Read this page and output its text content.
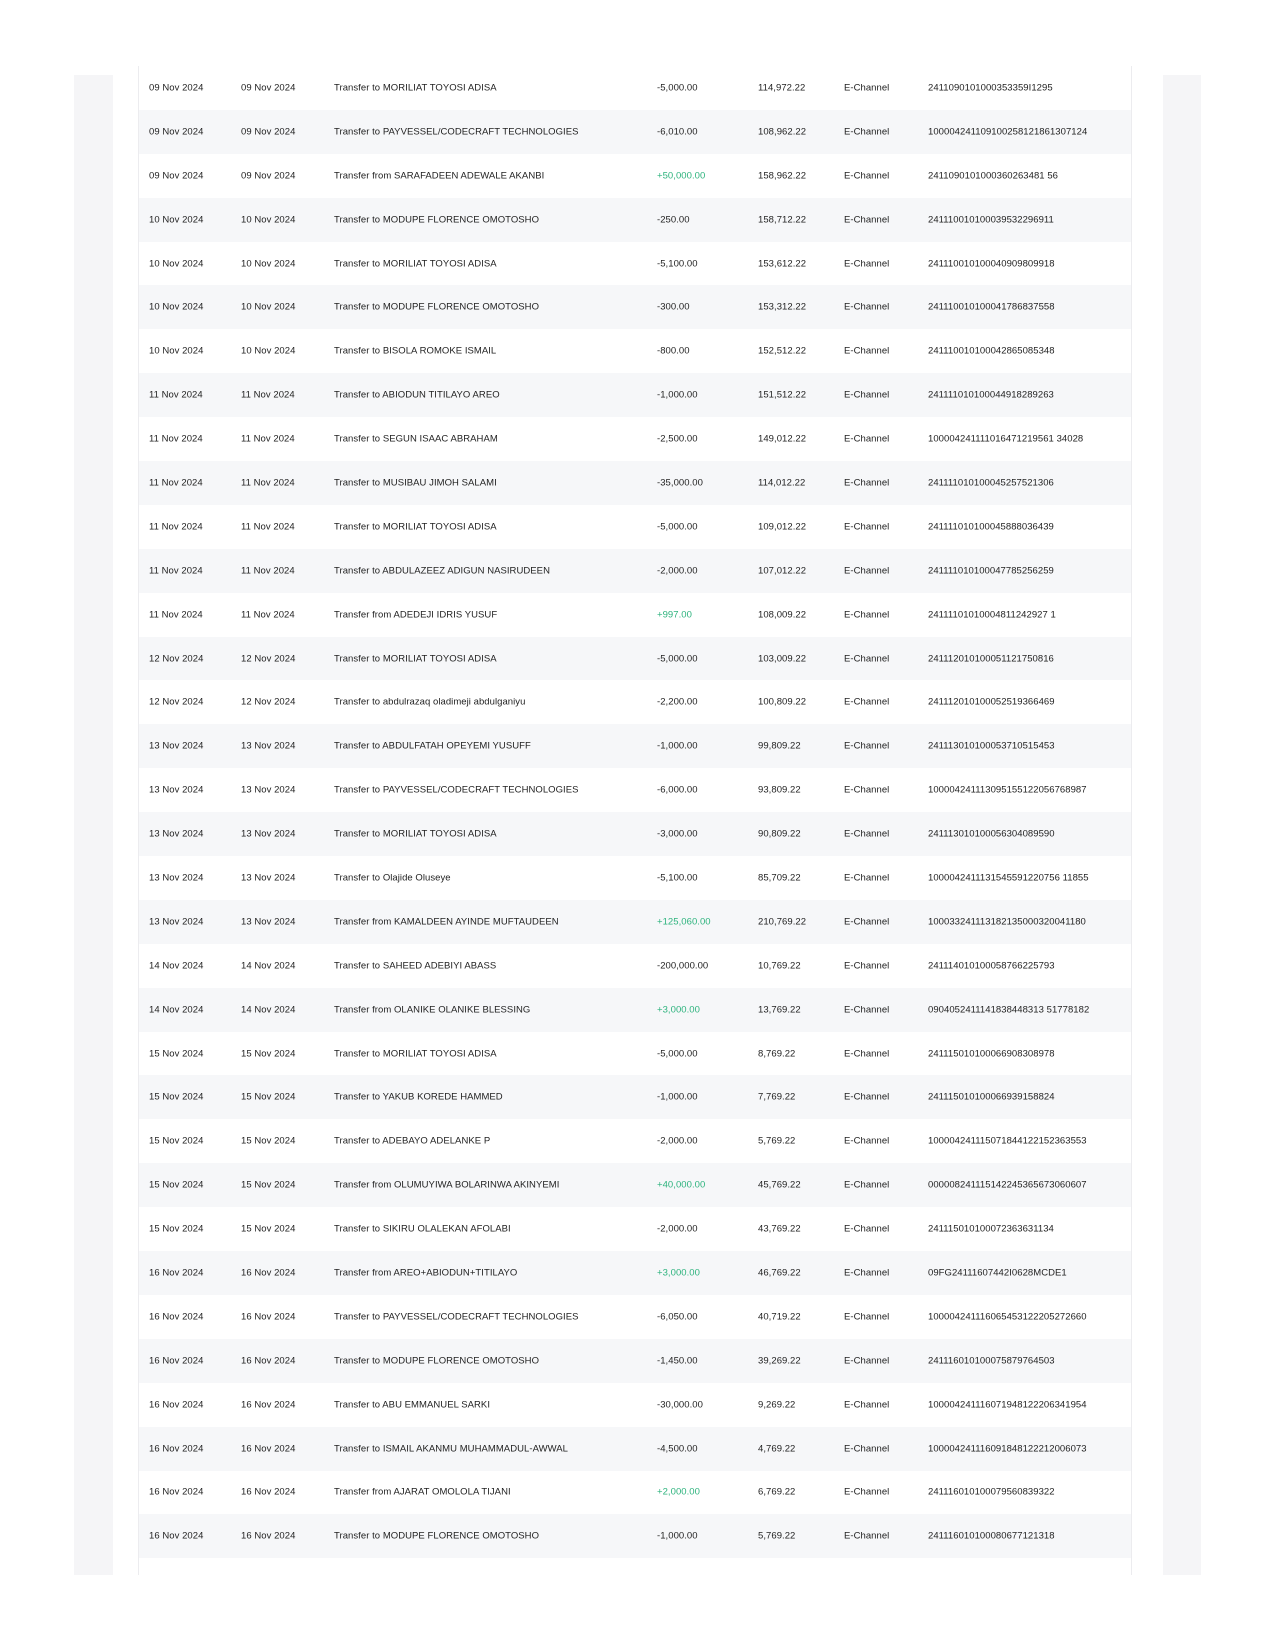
09 Nov 2024	09 Nov 2024	Transfer to MORILIAT TOYOSI ADISA	-5,000.00	114,972.22	E-Channel	2411090101000353359I1295
09 Nov 2024	09 Nov 2024	Transfer to PAYVESSEL/CODECRAFT TECHNOLOGIES	-6,010.00	108,962.22	E-Channel	100004241109100258121861307124
09 Nov 2024	09 Nov 2024	Transfer from SARAFADEEN ADEWALE AKANBI	+50,000.00	158,962.22	E-Channel	2411090101000360263481 56
10 Nov 2024	10 Nov 2024	Transfer to MODUPE FLORENCE OMOTOSHO	-250.00	158,712.22	E-Channel	241110010100039532296911
10 Nov 2024	10 Nov 2024	Transfer to MORILIAT TOYOSI ADISA	-5,100.00	153,612.22	E-Channel	241110010100040909809918
10 Nov 2024	10 Nov 2024	Transfer to MODUPE FLORENCE OMOTOSHO	-300.00	153,312.22	E-Channel	241110010100041786837558
10 Nov 2024	10 Nov 2024	Transfer to BISOLA ROMOKE ISMAIL	-800.00	152,512.22	E-Channel	241110010100042865085348
11 Nov 2024	11 Nov 2024	Transfer to ABIODUN TITILAYO AREO	-1,000.00	151,512.22	E-Channel	241111010100044918289263
11 Nov 2024	11 Nov 2024	Transfer to SEGUN ISAAC ABRAHAM	-2,500.00	149,012.22	E-Channel	100004241111016471219561 34028
11 Nov 2024	11 Nov 2024	Transfer to MUSIBAU JIMOH SALAMI	-35,000.00	114,012.22	E-Channel	241111010100045257521306
11 Nov 2024	11 Nov 2024	Transfer to MORILIAT TOYOSI ADISA	-5,000.00	109,012.22	E-Channel	241111010100045888036439
11 Nov 2024	11 Nov 2024	Transfer to ABDULAZEEZ ADIGUN NASIRUDEEN	-2,000.00	107,012.22	E-Channel	241111010100047785256259
11 Nov 2024	11 Nov 2024	Transfer from ADEDEJI IDRIS YUSUF	+997.00	108,009.22	E-Channel	24111101010004811242927 1
12 Nov 2024	12 Nov 2024	Transfer to MORILIAT TOYOSI ADISA	-5,000.00	103,009.22	E-Channel	241112010100051121750816
12 Nov 2024	12 Nov 2024	Transfer to abdulrazaq oladimeji abdulganiyu	-2,200.00	100,809.22	E-Channel	241112010100052519366469
13 Nov 2024	13 Nov 2024	Transfer to ABDULFATAH OPEYEMI YUSUFF	-1,000.00	99,809.22	E-Channel	241113010100053710515453
13 Nov 2024	13 Nov 2024	Transfer to PAYVESSEL/CODECRAFT TECHNOLOGIES	-6,000.00	93,809.22	E-Channel	100004241113095155122056768987
13 Nov 2024	13 Nov 2024	Transfer to MORILIAT TOYOSI ADISA	-3,000.00	90,809.22	E-Channel	241113010100056304089590
13 Nov 2024	13 Nov 2024	Transfer to Olajide Oluseye	-5,100.00	85,709.22	E-Channel	1000042411131545591220756 11855
13 Nov 2024	13 Nov 2024	Transfer from KAMALDEEN AYINDE MUFTAUDEEN	+125,060.00	210,769.22	E-Channel	100033241113182135000320041180
14 Nov 2024	14 Nov 2024	Transfer to SAHEED ADEBIYI ABASS	-200,000.00	10,769.22	E-Channel	241114010100058766225793
14 Nov 2024	14 Nov 2024	Transfer from OLANIKE OLANIKE BLESSING	+3,000.00	13,769.22	E-Channel	0904052411141838448313 51778182
15 Nov 2024	15 Nov 2024	Transfer to MORILIAT TOYOSI ADISA	-5,000.00	8,769.22	E-Channel	241115010100066908308978
15 Nov 2024	15 Nov 2024	Transfer to YAKUB KOREDE HAMMED	-1,000.00	7,769.22	E-Channel	241115010100066939158824
15 Nov 2024	15 Nov 2024	Transfer to ADEBAYO ADELANKE P	-2,000.00	5,769.22	E-Channel	100004241115071844122152363553
15 Nov 2024	15 Nov 2024	Transfer from OLUMUYIWA BOLARINWA AKINYEMI	+40,000.00	45,769.22	E-Channel	000008241115142245365673060607
15 Nov 2024	15 Nov 2024	Transfer to SIKIRU OLALEKAN AFOLABI	-2,000.00	43,769.22	E-Channel	241115010100072363631134
16 Nov 2024	16 Nov 2024	Transfer from AREO+ABIODUN+TITILAYO	+3,000.00	46,769.22	E-Channel	09FG24111607442I0628MCDE1
16 Nov 2024	16 Nov 2024	Transfer to PAYVESSEL/CODECRAFT TECHNOLOGIES	-6,050.00	40,719.22	E-Channel	100004241116065453122205272660
16 Nov 2024	16 Nov 2024	Transfer to MODUPE FLORENCE OMOTOSHO	-1,450.00	39,269.22	E-Channel	241116010100075879764503
16 Nov 2024	16 Nov 2024	Transfer to ABU EMMANUEL SARKI	-30,000.00	9,269.22	E-Channel	100004241116071948122206341954
16 Nov 2024	16 Nov 2024	Transfer to ISMAIL AKANMU MUHAMMADUL-AWWAL	-4,500.00	4,769.22	E-Channel	100004241116091848122212006073
16 Nov 2024	16 Nov 2024	Transfer from AJARAT OMOLOLA TIJANI	+2,000.00	6,769.22	E-Channel	241116010100079560839322
16 Nov 2024	16 Nov 2024	Transfer to MODUPE FLORENCE OMOTOSHO	-1,000.00	5,769.22	E-Channel	241116010100080677121318
